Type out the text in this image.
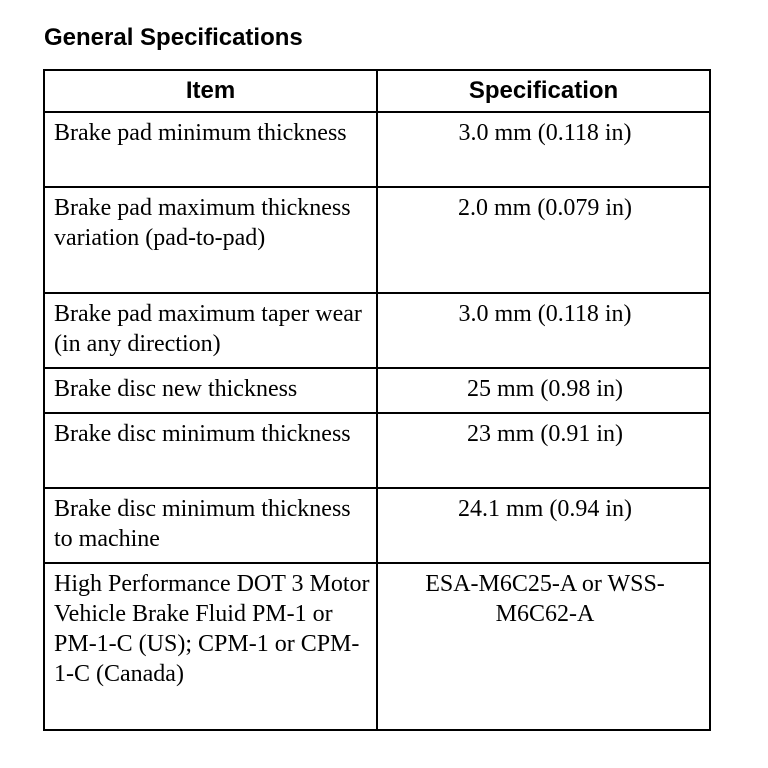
General Specifications
Item	Specification
Brake pad minimum thickness	3.0 mm (0.118 in)
Brake pad maximum thickness variation (pad-to-pad)	2.0 mm (0.079 in)
Brake pad maximum taper wear (in any direction)	3.0 mm (0.118 in)
Brake disc new thickness	25 mm (0.98 in)
Brake disc minimum thickness	23 mm (0.91 in)
Brake disc minimum thickness to machine	24.1 mm (0.94 in)
High Performance DOT 3 Motor Vehicle Brake Fluid PM-1 or PM-1-C (US); CPM-1 or CPM-1-C (Canada)	ESA-M6C25-A or WSS-M6C62-A
